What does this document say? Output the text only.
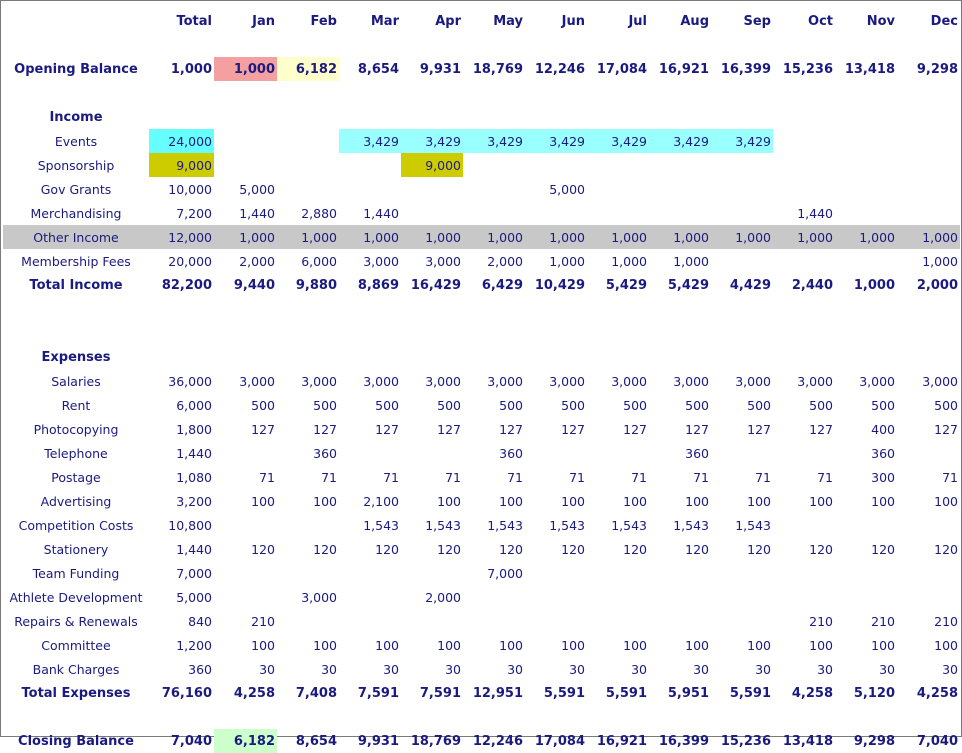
	Total	Jan	Feb	Mar	Apr	May	Jun	Jul	Aug	Sep	Oct	Nov	Dec

Opening Balance	1,000	1,000	6,182	8,654	9,931	18,769	12,246	17,084	16,921	16,399	15,236	13,418	9,298

Income													
Events	24,000			3,429	3,429	3,429	3,429	3,429	3,429	3,429			
Sponsorship	9,000				9,000								
Gov Grants	10,000	5,000					5,000						
Merchandising	7,200	1,440	2,880	1,440							1,440		
Other Income	12,000	1,000	1,000	1,000	1,000	1,000	1,000	1,000	1,000	1,000	1,000	1,000	1,000
Membership Fees	20,000	2,000	6,000	3,000	3,000	2,000	1,000	1,000	1,000				1,000
Total Income	82,200	9,440	9,880	8,869	16,429	6,429	10,429	5,429	5,429	4,429	2,440	1,000	2,000

Expenses													
Salaries	36,000	3,000	3,000	3,000	3,000	3,000	3,000	3,000	3,000	3,000	3,000	3,000	3,000
Rent	6,000	500	500	500	500	500	500	500	500	500	500	500	500
Photocopying	1,800	127	127	127	127	127	127	127	127	127	127	400	127
Telephone	1,440		360			360			360			360	
Postage	1,080	71	71	71	71	71	71	71	71	71	71	300	71
Advertising	3,200	100	100	2,100	100	100	100	100	100	100	100	100	100
Competition Costs	10,800			1,543	1,543	1,543	1,543	1,543	1,543	1,543			
Stationery	1,440	120	120	120	120	120	120	120	120	120	120	120	120
Team Funding	7,000					7,000							
Athlete Development	5,000		3,000		2,000								
Repairs & Renewals	840	210									210	210	210
Committee	1,200	100	100	100	100	100	100	100	100	100	100	100	100
Bank Charges	360	30	30	30	30	30	30	30	30	30	30	30	30
Total Expenses	76,160	4,258	7,408	7,591	7,591	12,951	5,591	5,591	5,951	5,591	4,258	5,120	4,258

Closing Balance	7,040	6,182	8,654	9,931	18,769	12,246	17,084	16,921	16,399	15,236	13,418	9,298	7,040
